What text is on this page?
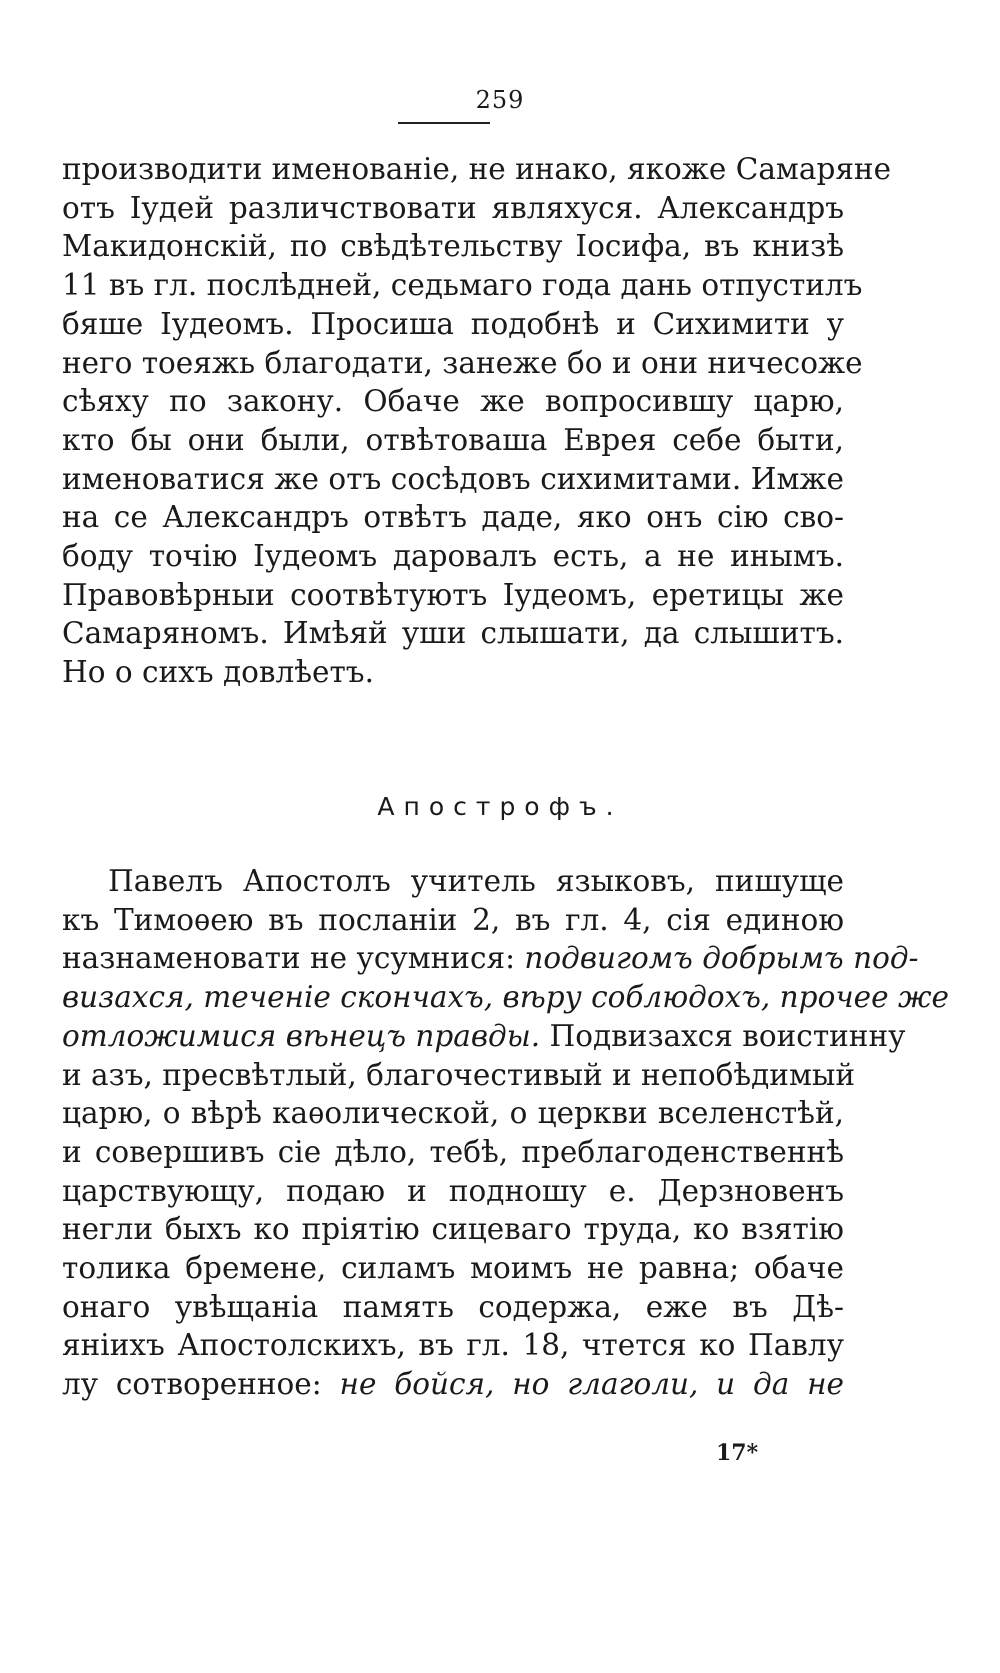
259
производити именованіе, не инако, якоже Самаряне
отъ Іудей различствовати являхуся. Александръ
Макидонскій, по свѣдѣтельству Іосифа, въ книзѣ
11 въ гл. послѣдней, седьмаго года дань отпустилъ
бяше Іудеомъ. Просиша подобнѣ и Сихимити у
него тоеяжь благодати, занеже бо и они ничесоже
сѣяху по закону. Обаче же вопросившу царю,
кто бы они были, отвѣтоваша Еврея себе быти,
именоватися же отъ сосѣдовъ сихимитами. Имже
на се Александръ отвѣтъ даде, яко онъ сію сво-
боду точію Іудеомъ даровалъ есть, а не инымъ.
Правовѣрныи соотвѣтуютъ Іудеомъ, еретицы же
Самаряномъ. Имѣяй уши слышати, да слышитъ.
Но о сихъ довлѣетъ.
Апострофъ.
Павелъ Апостолъ учитель языковъ, пишуще
къ Тимоѳею въ посланіи 2, въ гл. 4, сія единою
назнаменовати не усумнися: подвигомъ добрымъ под-
визахся, теченіе скончахъ, вѣру соблюдохъ, прочее же
отложимися вѣнецъ правды. Подвизахся воистинну
и азъ, пресвѣтлый, благочестивый и непобѣдимый
царю, о вѣрѣ каѳолической, о церкви вселенстѣй,
и совершивъ сіе дѣло, тебѣ, преблагоденственнѣ
царствующу, подаю и подношу е. Дерзновенъ
негли быхъ ко пріятію сицеваго труда, ко взятію
толика бремене, силамъ моимъ не равна; обаче
онаго увѣщаніа память содержа, еже въ Дѣ-
яніихъ Апостолскихъ, въ гл. 18, чтется ко Павлу
лу сотворенное: не бойся, но глаголи, и да не
17*
